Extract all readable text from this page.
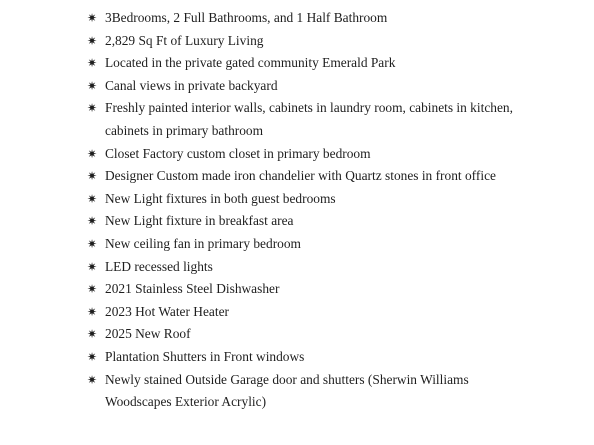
✷ 3Bedrooms, 2 Full Bathrooms, and 1 Half Bathroom
✷ 2,829 Sq Ft of Luxury Living
✷ Located in the private gated community Emerald Park
✷ Canal views in private backyard
✷ Freshly painted interior walls, cabinets in laundry room, cabinets in kitchen, cabinets in primary bathroom
✷ Closet Factory custom closet in primary bedroom
✷ Designer Custom made iron chandelier with Quartz stones in front office
✷ New Light fixtures in both guest bedrooms
✷ New Light fixture in breakfast area
✷ New ceiling fan in primary bedroom
✷ LED recessed lights
✷ 2021 Stainless Steel Dishwasher
✷ 2023 Hot Water Heater
✷ 2025 New Roof
✷ Plantation Shutters in Front windows
✷ Newly stained Outside Garage door and shutters (Sherwin Williams Woodscapes Exterior Acrylic)
